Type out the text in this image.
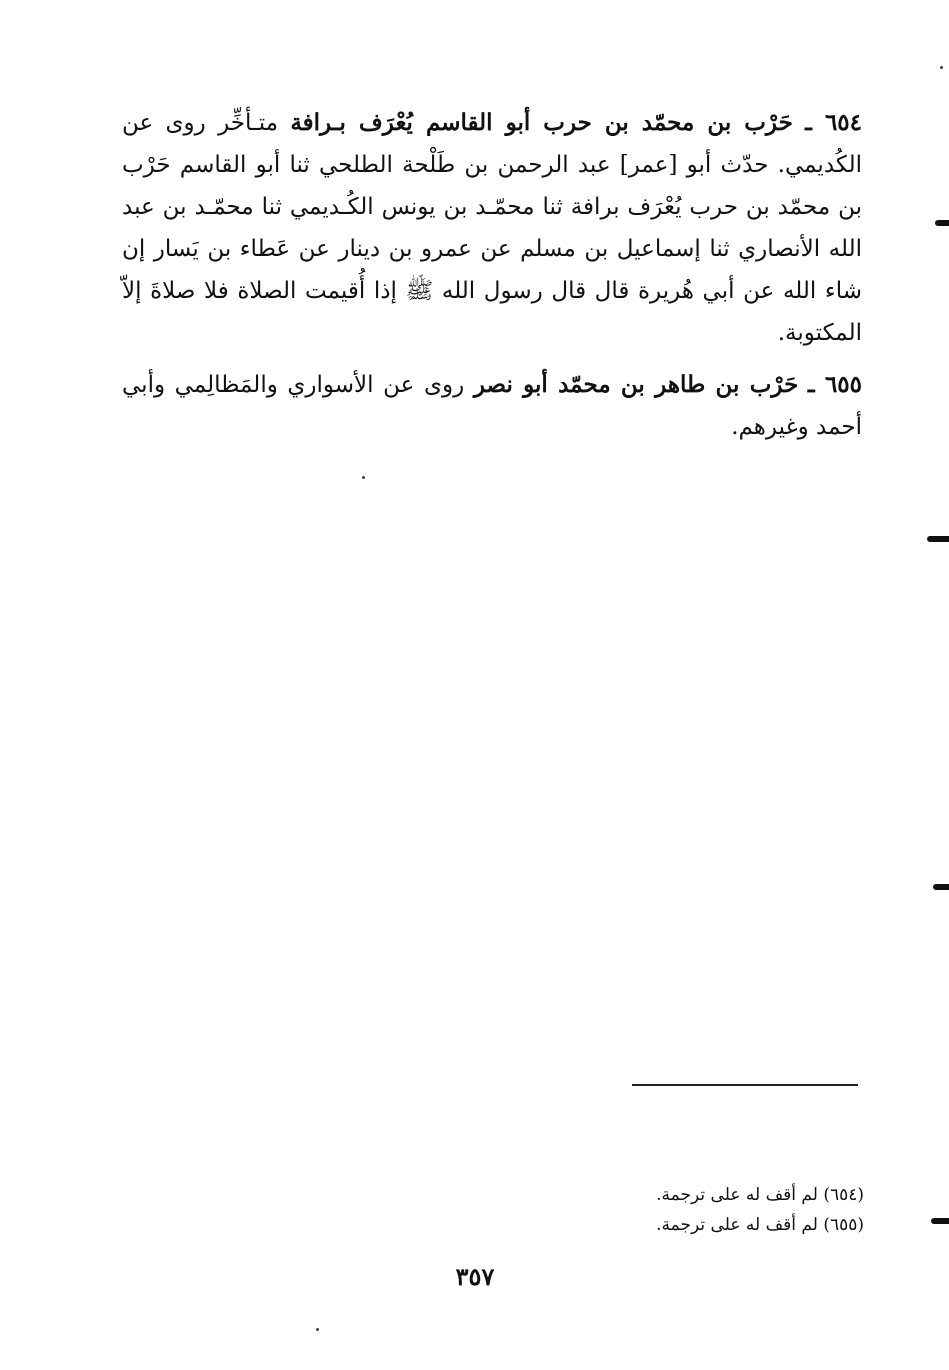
٦٥٤ ـ حَرْب بن محمّد بن حرب أبو القاسم يُعْرَف بـرافة متـأخِّر روى عن الكُديمي. حدّث أبو [عمر] عبد الرحمن بن طَلْحة الطلحي ثنا أبو القاسم حَرْب بن محمّد بن حرب يُعْرَف برافة ثنا محمّـد بن يونس الكُـديمي ثنا محمّـد بن عبد الله الأنصاري ثنا إسماعيل بن مسلم عن عمرو بن دينار عن عَطاء بن يَسار إن شاء الله عن أبي هُريرة قال قال رسول الله ﷺ إذا أُقيمت الصلاة فلا صلاةَ إلاّ المكتوبة.

٦٥٥ ـ حَرْب بن طاهر بن محمّد أبو نصر روى عن الأسواري والمَظالِمي وأبي أحمد وغيرهم.

(٦٥٤) لم أقف له على ترجمة.

(٦٥٥) لم أقف له على ترجمة.

٣٥٧
